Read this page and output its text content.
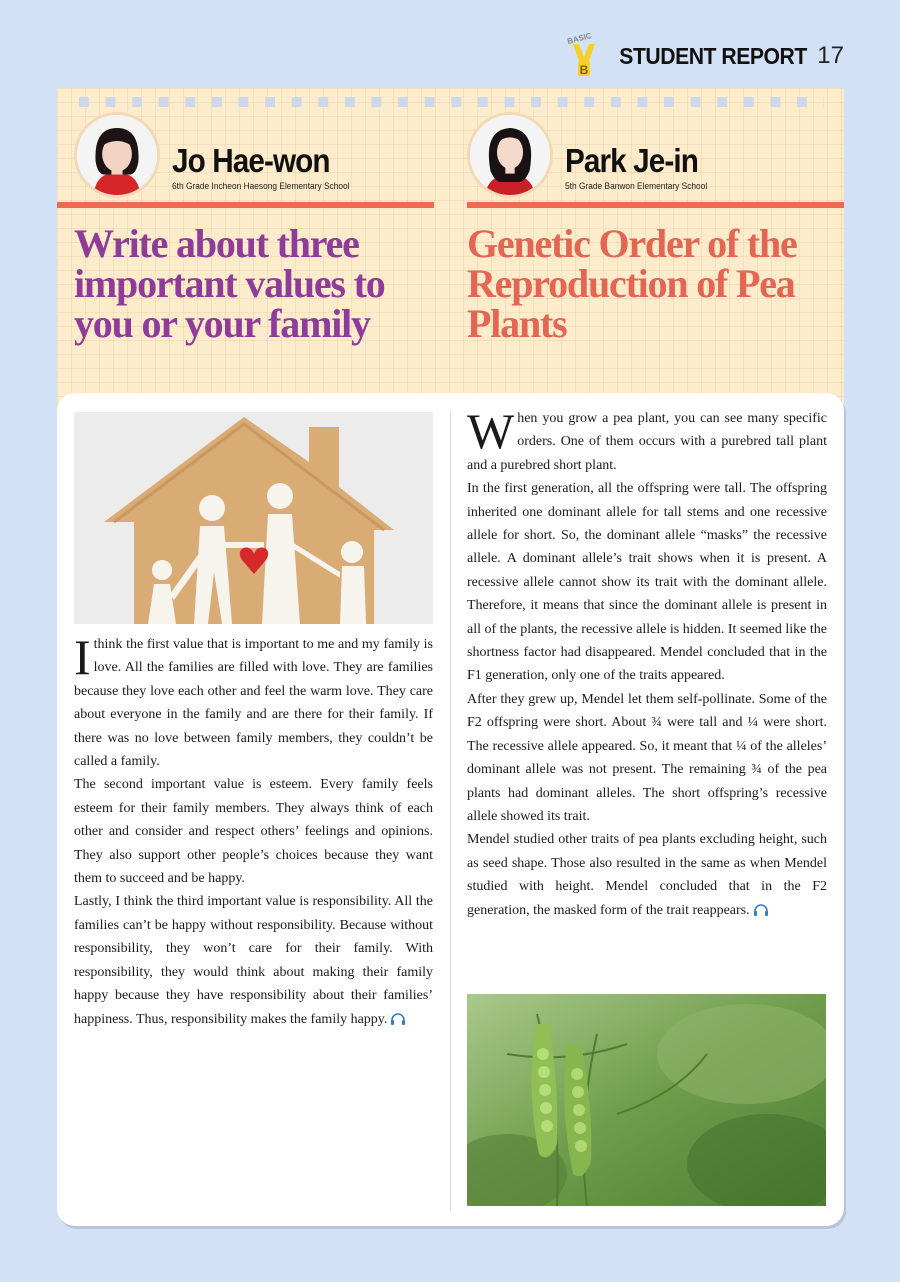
BASIC
B
STUDENT REPORT 17
Jo Hae-won
6th Grade Incheon Haesong Elementary School
Park Je-in
5th Grade Banwon Elementary School
Write about three important values to you or your family
Genetic Order of the Reproduction of Pea Plants

I think the first value that is important to me and my family is love. All the families are filled with love. They are families because they love each other and feel the warm love. They care about everyone in the family and are there for their family. If there was no love between family members, they couldn’t be called a family.

The second important value is esteem. Every family feels esteem for their family members. They always think of each other and consider and respect others’ feelings and opinions. They also support other people’s choices because they want them to succeed and be happy.

Lastly, I think the third important value is responsibility. All the families can’t be happy without responsibility. Because without responsibility, they won’t care for their family. With responsibility, they would think about making their family happy because they have responsibility about their families’ happiness. Thus, responsibility makes the family happy.

When you grow a pea plant, you can see many specific orders. One of them occurs with a purebred tall plant and a purebred short plant.

In the first generation, all the offspring were tall. The offspring inherited one dominant allele for tall stems and one recessive allele for short. So, the dominant allele “masks” the recessive allele. A dominant allele’s trait shows when it is present. A recessive allele cannot show its trait with the dominant allele. Therefore, it means that since the dominant allele is present in all of the plants, the recessive allele is hidden. It seemed like the shortness factor had disappeared. Mendel concluded that in the F1 generation, only one of the traits appeared.

After they grew up, Mendel let them self-pollinate. Some of the F2 offspring were short. About ¾ were tall and ¼ were short. The recessive allele appeared. So, it meant that ¼ of the alleles’ dominant allele was not present. The remaining ¾ of the pea plants had dominant alleles. The short offspring’s recessive allele showed its trait.

Mendel studied other traits of pea plants excluding height, such as seed shape. Those also resulted in the same as when Mendel studied with height. Mendel concluded that in the F2 generation, the masked form of the trait reappears.
